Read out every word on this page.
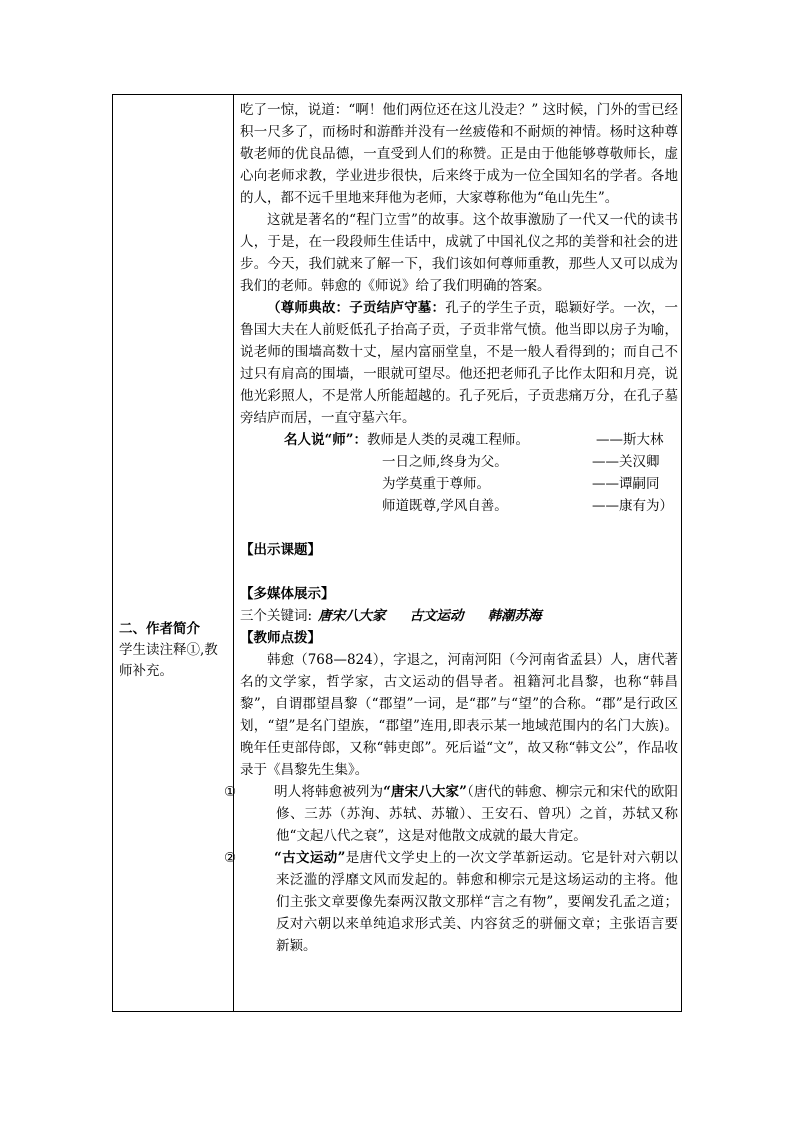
二、作者简介
学生读注释①,教师补充。

吃了一惊，说道：“啊！他们两位还在这儿没走？” 这时候，门外的雪已经积一尺多了，而杨时和游酢并没有一丝疲倦和不耐烦的神情。杨时这种尊敬老师的优良品德，一直受到人们的称赞。正是由于他能够尊敬师长，虚心向老师求教，学业进步很快，后来终于成为一位全国知名的学者。各地的人，都不远千里地来拜他为老师，大家尊称他为“龟山先生”。

这就是著名的“程门立雪”的故事。这个故事激励了一代又一代的读书人，于是，在一段段师生佳话中，成就了中国礼仪之邦的美誉和社会的进步。今天，我们就来了解一下，我们该如何尊师重教，那些人又可以成为我们的老师。韩愈的《师说》给了我们明确的答案。

（尊师典故：子贡结庐守墓：孔子的学生子贡，聪颖好学。一次，一鲁国大夫在人前贬低孔子抬高子贡，子贡非常气愤。他当即以房子为喻，说老师的围墙高数十丈，屋内富丽堂皇，不是一般人看得到的；而自己不过只有肩高的围墙，一眼就可望尽。他还把老师孔子比作太阳和月亮，说他光彩照人，不是常人所能超越的。孔子死后，子贡悲痛万分，在孔子墓旁结庐而居，一直守墓六年。

名人说“师”：教师是人类的灵魂工程师。	——斯大林
一日之师,终身为父。	——关汉卿
为学莫重于尊师。	——谭嗣同
师道既尊,学风自善。	——康有为）

【出示课题】

【多媒体展示】

三个关键词: 唐宋八大家 古文运动 韩潮苏海

【教师点拨】

韩愈（768—824），字退之，河南河阳（今河南省孟县）人，唐代著名的文学家，哲学家，古文运动的倡导者。祖籍河北昌黎，也称“韩昌黎”，自谓郡望昌黎（“郡望”一词，是“郡”与“望”的合称。“郡”是行政区划，“望”是名门望族，“郡望”连用,即表示某一地域范围内的名门大族)。晚年任吏部侍郎，又称“韩吏郎”。死后谥“文”，故又称“韩文公”，作品收录于《昌黎先生集》。

①	明人将韩愈被列为“唐宋八大家”（唐代的韩愈、柳宗元和宋代的欧阳修、三苏（苏洵、苏轼、苏辙）、王安石、曾巩）之首，苏轼又称他“文起八代之衰”，这是对他散文成就的最大肯定。

②	“古文运动”是唐代文学史上的一次文学革新运动。它是针对六朝以来泛滥的浮靡文风而发起的。韩愈和柳宗元是这场运动的主将。他们主张文章要像先秦两汉散文那样“言之有物”，要阐发孔孟之道；反对六朝以来单纯追求形式美、内容贫乏的骈俪文章；主张语言要新颖。
